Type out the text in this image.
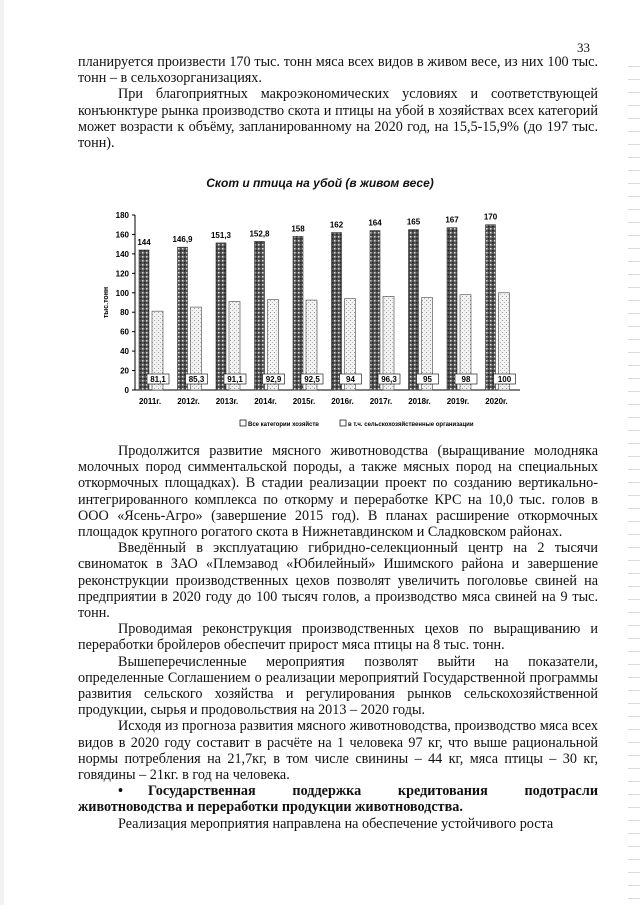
33

планируется произвести 170 тыс. тонн мяса всех видов в живом весе, из них 100 тыс. тонн – в сельхозорганизациях.

При благоприятных макроэкономических условиях и соответствующей конъюнктуре рынка производство скота и птицы на убой в хозяйствах всех категорий может возрасти к объёму, запланированному на 2020 год, на 15,5-15,9% (до 197 тыс. тонн).

Скот и птица на убой (в живом весе)
0
20
40
60
80
100
120
140
160
180
тыс.тонн
144
81,1
2011г.
146,9
85,3
2012г.
151,3
91,1
2013г.
152,8
92,9
2014г.
158
92,5
2015г.
162
94
2016г.
164
96,3
2017г.
165
95
2018г.
167
98
2019г.
170
100
2020г.
Все категории хозяйств	в т.ч. сельскохозяйственные организации

Продолжится развитие мясного животноводства (выращивание молодняка молочных пород симментальской породы, а также мясных пород на специальных откормочных площадках). В стадии реализации проект по созданию вертикально-интегрированного комплекса по откорму и переработке КРС на 10,0 тыс. голов в ООО «Ясень-Агро» (завершение 2015 год). В планах расширение откормочных площадок крупного рогатого скота в Нижнетавдинском и Сладковском районах.

Введённый в эксплуатацию гибридно-селекционный центр на 2 тысячи свиноматок в ЗАО «Племзавод «Юбилейный» Ишимского района и завершение реконструкции производственных цехов позволят увеличить поголовье свиней на предприятии в 2020 году до 100 тысяч голов, а производство мяса свиней на 9 тыс. тонн.

Проводимая реконструкция производственных цехов по выращиванию и переработки бройлеров обеспечит прирост мяса птицы на 8 тыс. тонн.

Вышеперечисленные мероприятия позволят выйти на показатели, определенные Соглашением о реализации мероприятий Государственной программы развития сельского хозяйства и регулирования рынков сельскохозяйственной продукции, сырья и продовольствия на 2013 – 2020 годы.

Исходя из прогноза развития мясного животноводства, производство мяса всех видов в 2020 году составит в расчёте на 1 человека 97 кг, что выше рациональной нормы потребления на 21,7кг, в том числе свинины – 44 кг, мяса птицы – 30 кг, говядины – 21кг. в год на человека.

• Государственная поддержка кредитования подотрасли животноводства и переработки продукции животноводства.

Реализация мероприятия направлена на обеспечение устойчивого роста
